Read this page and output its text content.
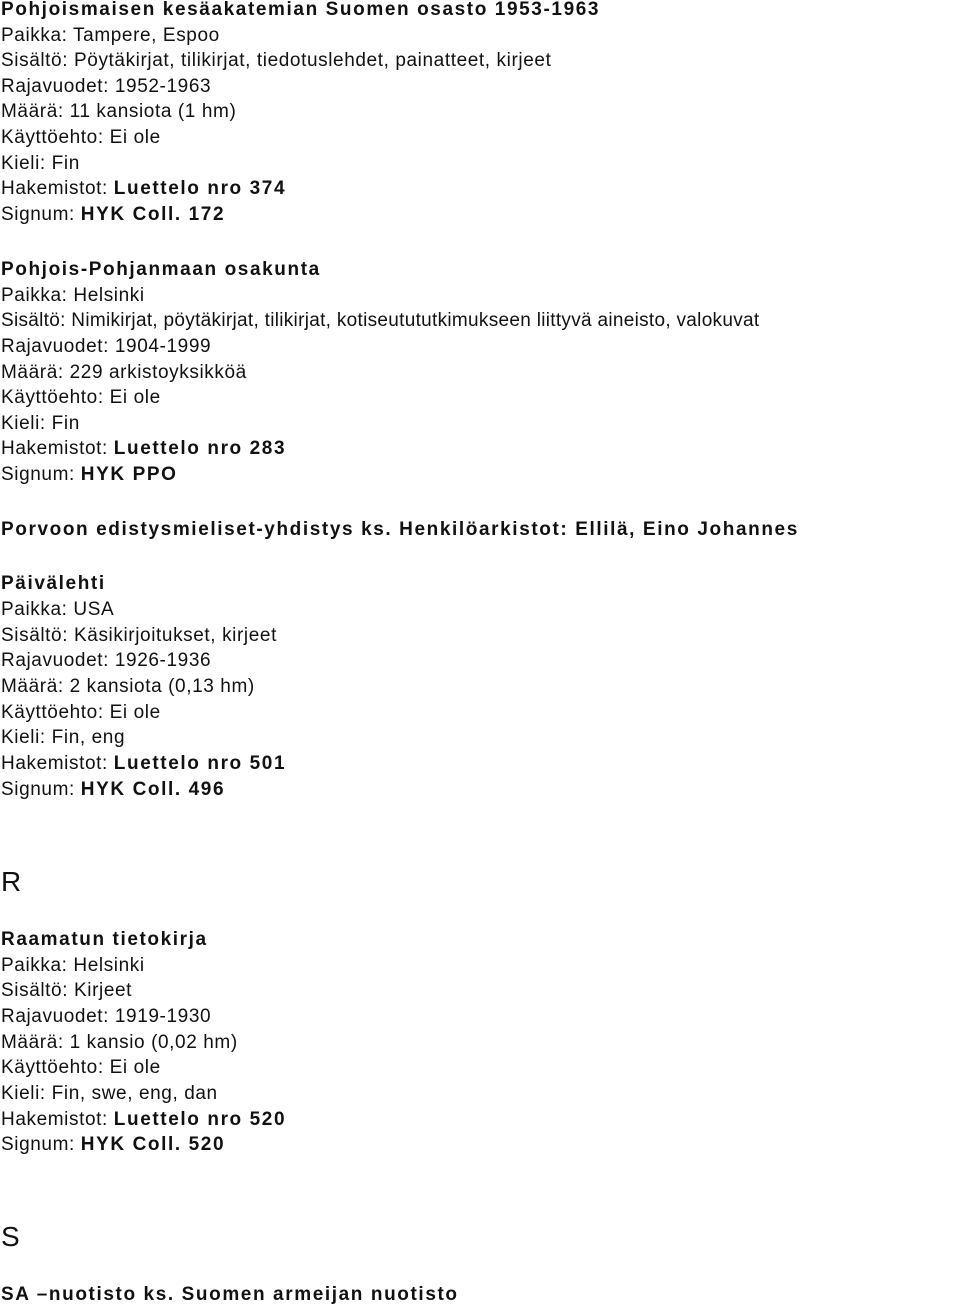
Pohjoismaisen kesäakatemian Suomen osasto 1953-1963
Paikka: Tampere, Espoo
Sisältö: Pöytäkirjat, tilikirjat, tiedotuslehdet, painatteet, kirjeet
Rajavuodet: 1952-1963
Määrä: 11 kansiota (1 hm)
Käyttöehto: Ei ole
Kieli: Fin
Hakemistot: Luettelo nro 374
Signum: HYK Coll. 172
Pohjois-Pohjanmaan osakunta
Paikka: Helsinki
Sisältö: Nimikirjat, pöytäkirjat, tilikirjat, kotiseutututkimukseen liittyvä aineisto, valokuvat
Rajavuodet: 1904-1999
Määrä: 229 arkistoyksikköä
Käyttöehto: Ei ole
Kieli: Fin
Hakemistot: Luettelo nro 283
Signum: HYK PPO
Porvoon edistysmieliset-yhdistys ks. Henkilöarkistot: Ellilä, Eino Johannes
Päivälehti
Paikka: USA
Sisältö: Käsikirjoitukset, kirjeet
Rajavuodet: 1926-1936
Määrä: 2 kansiota (0,13 hm)
Käyttöehto: Ei ole
Kieli: Fin, eng
Hakemistot: Luettelo nro 501
Signum: HYK Coll. 496
R
Raamatun tietokirja
Paikka: Helsinki
Sisältö: Kirjeet
Rajavuodet: 1919-1930
Määrä: 1 kansio (0,02 hm)
Käyttöehto: Ei ole
Kieli: Fin, swe, eng, dan
Hakemistot: Luettelo nro 520
Signum: HYK Coll. 520
S
SA –nuotisto ks. Suomen armeijan nuotisto
